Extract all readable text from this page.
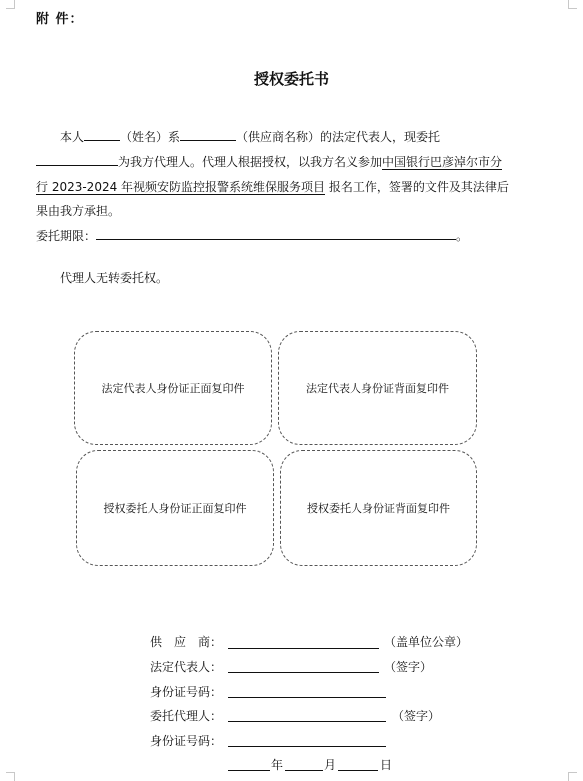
附 件：
授权委托书
本人	（姓名）系	（供应商名称）的法定代表人，现委托
为我方代理人。代理人根据授权，以我方名义参加中国银行巴彦淖尔市分
行 2023-2024 年视频安防监控报警系统维保服务项目 报名工作，签署的文件及其法律后
果由我方承担。
委托期限：	。
代理人无转委托权。
法定代表人身份证正面复印件	法定代表人身份证背面复印件
授权委托人身份证正面复印件	授权委托人身份证背面复印件
供　应　商：	（盖单位公章）
法定代表人：	（签字）
身份证号码：
委托代理人：	（签字）
身份证号码：
年	月	日
